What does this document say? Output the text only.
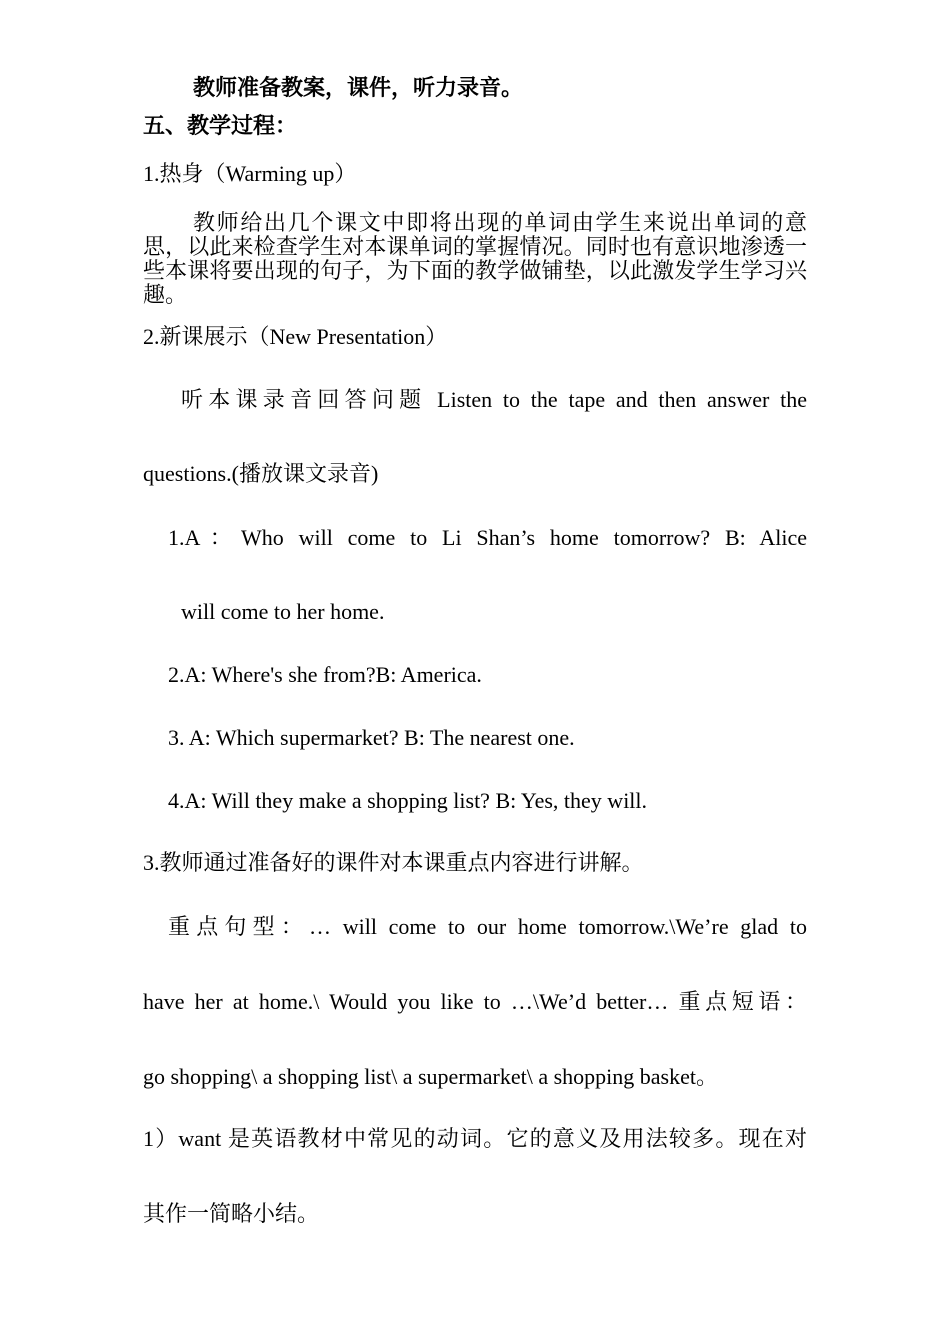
教师准备教案，课件，听力录音。
五、教学过程：
1.热身（Warming up）
教师给出几个课文中即将出现的单词由学生来说出单词的意思，以此来检查学生对本课单词的掌握情况。同时也有意识地渗透一些本课将要出现的句子，为下面的教学做铺垫，以此激发学生学习兴趣。
2.新课展示（New Presentation）
听本课录音回答问题 Listen to the tape and then answer the
questions.(播放课文录音)
1.A：Who will come to Li Shan’s home tomorrow? B: Alice
will come to her home.
2.A: Where's she from?B: America.
3. A: Which supermarket? B: The nearest one.
4.A: Will they make a shopping list? B: Yes, they will.
3.教师通过准备好的课件对本课重点内容进行讲解。
重点句型：… will come to our home tomorrow.\We’re glad to
have her at home.\ Would you like to …\We’d better… 重点短语：
go shopping\ a shopping list\ a supermarket\ a shopping basket。
1）want 是英语教材中常见的动词。它的意义及用法较多。现在对
其作一简略小结。
